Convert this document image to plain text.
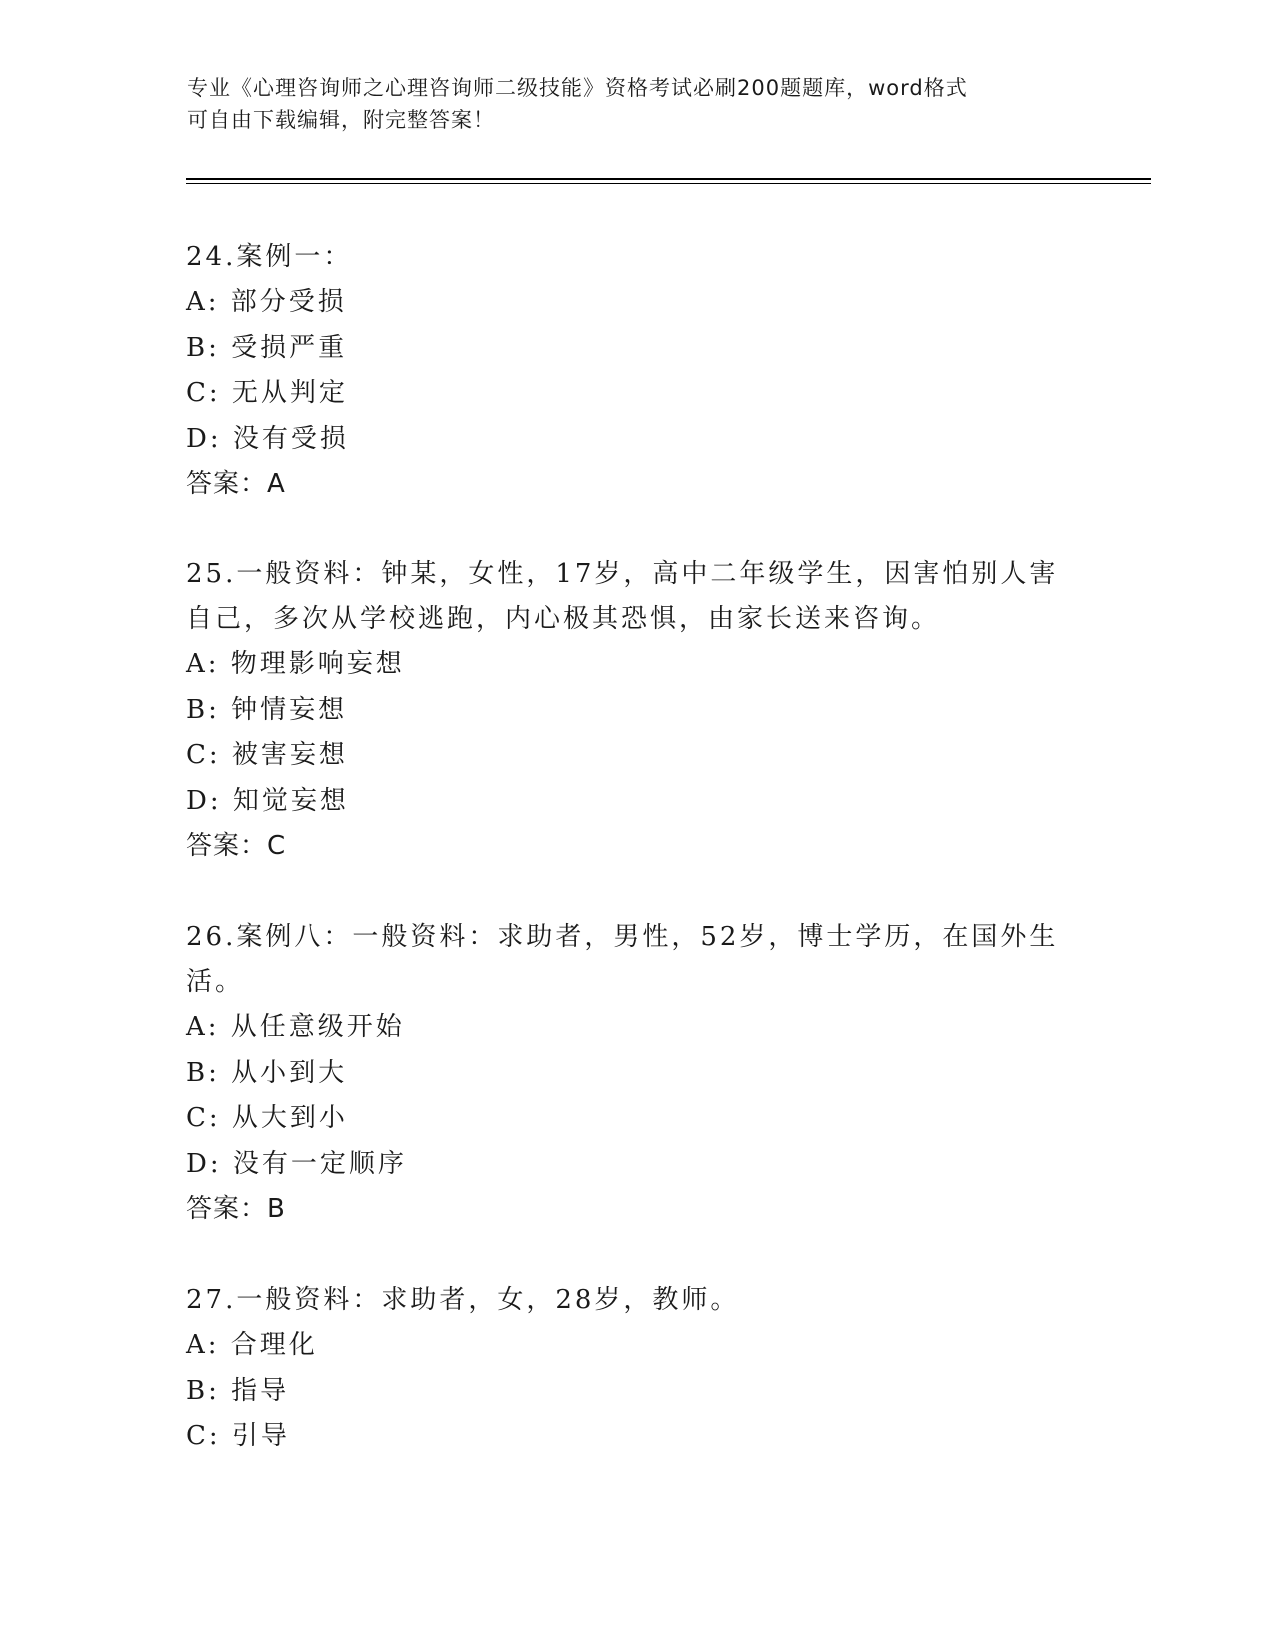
专业《心理咨询师之心理咨询师二级技能》资格考试必刷200题题库，word格式
可自由下载编辑，附完整答案！

24.案例一：

A: 部分受损

B: 受损严重

C: 无从判定

D: 没有受损

答案：A

25.一般资料：钟某，女性，17岁，高中二年级学生，因害怕别人害自己，多次从学校逃跑，内心极其恐惧，由家长送来咨询。

A: 物理影响妄想

B: 钟情妄想

C: 被害妄想

D: 知觉妄想

答案：C

26.案例八：一般资料：求助者，男性，52岁，博士学历，在国外生活。

A: 从任意级开始

B: 从小到大

C: 从大到小

D: 没有一定顺序

答案：B

27.一般资料：求助者，女，28岁，教师。

A: 合理化

B: 指导

C: 引导
